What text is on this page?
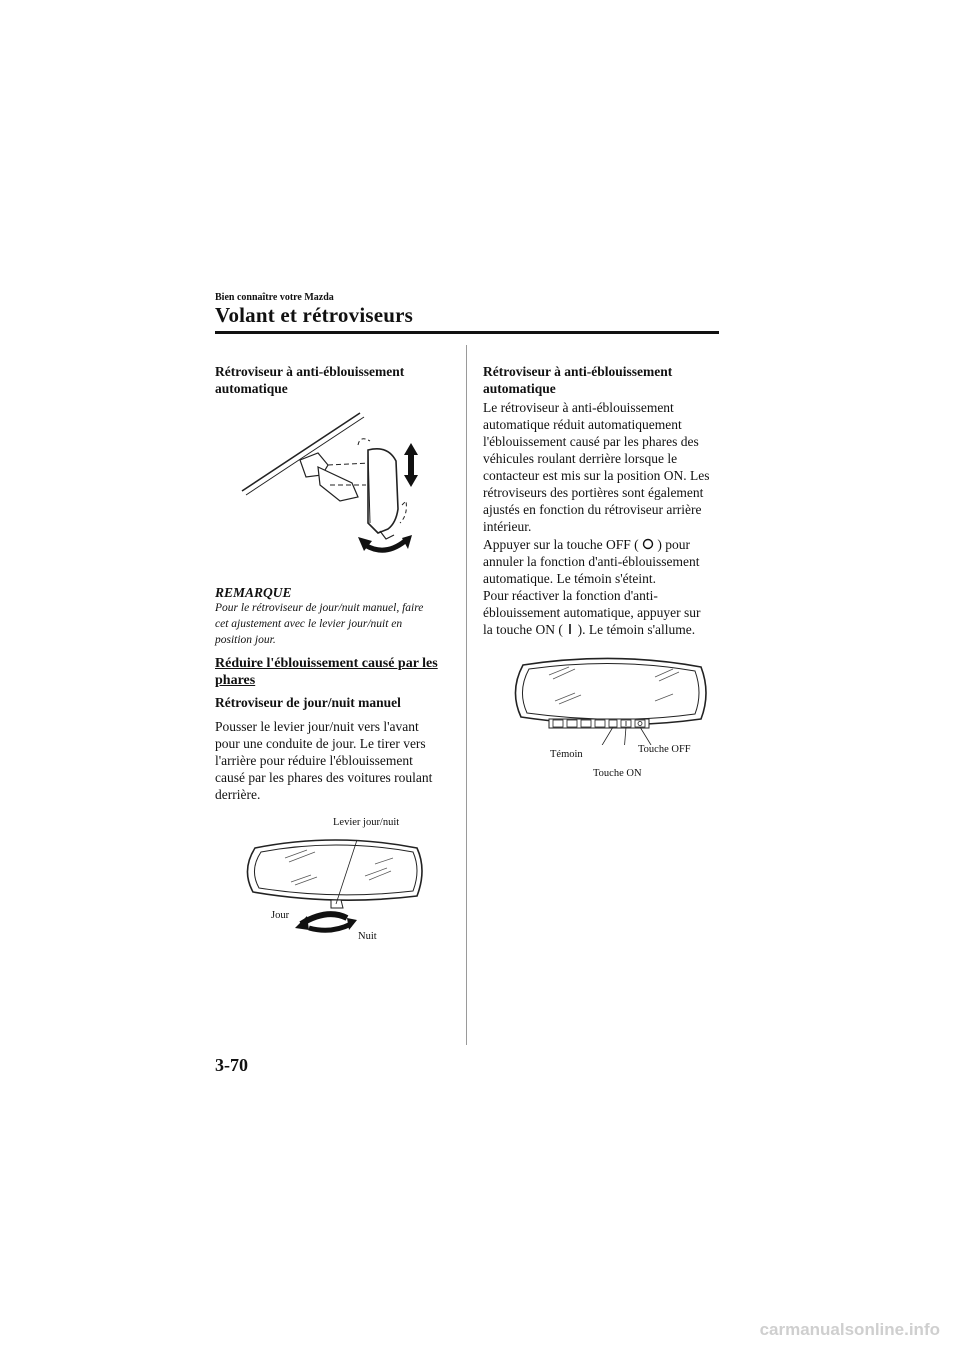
Bien connaître votre Mazda
Volant et rétroviseurs
Rétroviseur à anti-éblouissement
automatique
REMARQUE
Pour le rétroviseur de jour/nuit manuel, faire
cet ajustement avec le levier jour/nuit en
position jour.
Réduire l'éblouissement causé par les
phares
Rétroviseur de jour/nuit manuel
Pousser le levier jour/nuit vers l'avant
pour une conduite de jour. Le tirer vers
l'arrière pour réduire l'éblouissement
causé par les phares des voitures roulant
derrière.
Levier jour/nuit
Jour
Nuit
Rétroviseur à anti-éblouissement
automatique
Le rétroviseur à anti-éblouissement
automatique réduit automatiquement
l'éblouissement causé par les phares des
véhicules roulant derrière lorsque le
contacteur est mis sur la position ON. Les
rétroviseurs des portières sont également
ajustés en fonction du rétroviseur arrière
intérieur.
Appuyer sur la touche OFF ( ) pour
annuler la fonction d'anti-éblouissement
automatique. Le témoin s'éteint.
Pour réactiver la fonction d'anti-
éblouissement automatique, appuyer sur
la touche ON ( ). Le témoin s'allume.
Témoin	Touche OFF
Touche ON
3-70
carmanualsonline.info
